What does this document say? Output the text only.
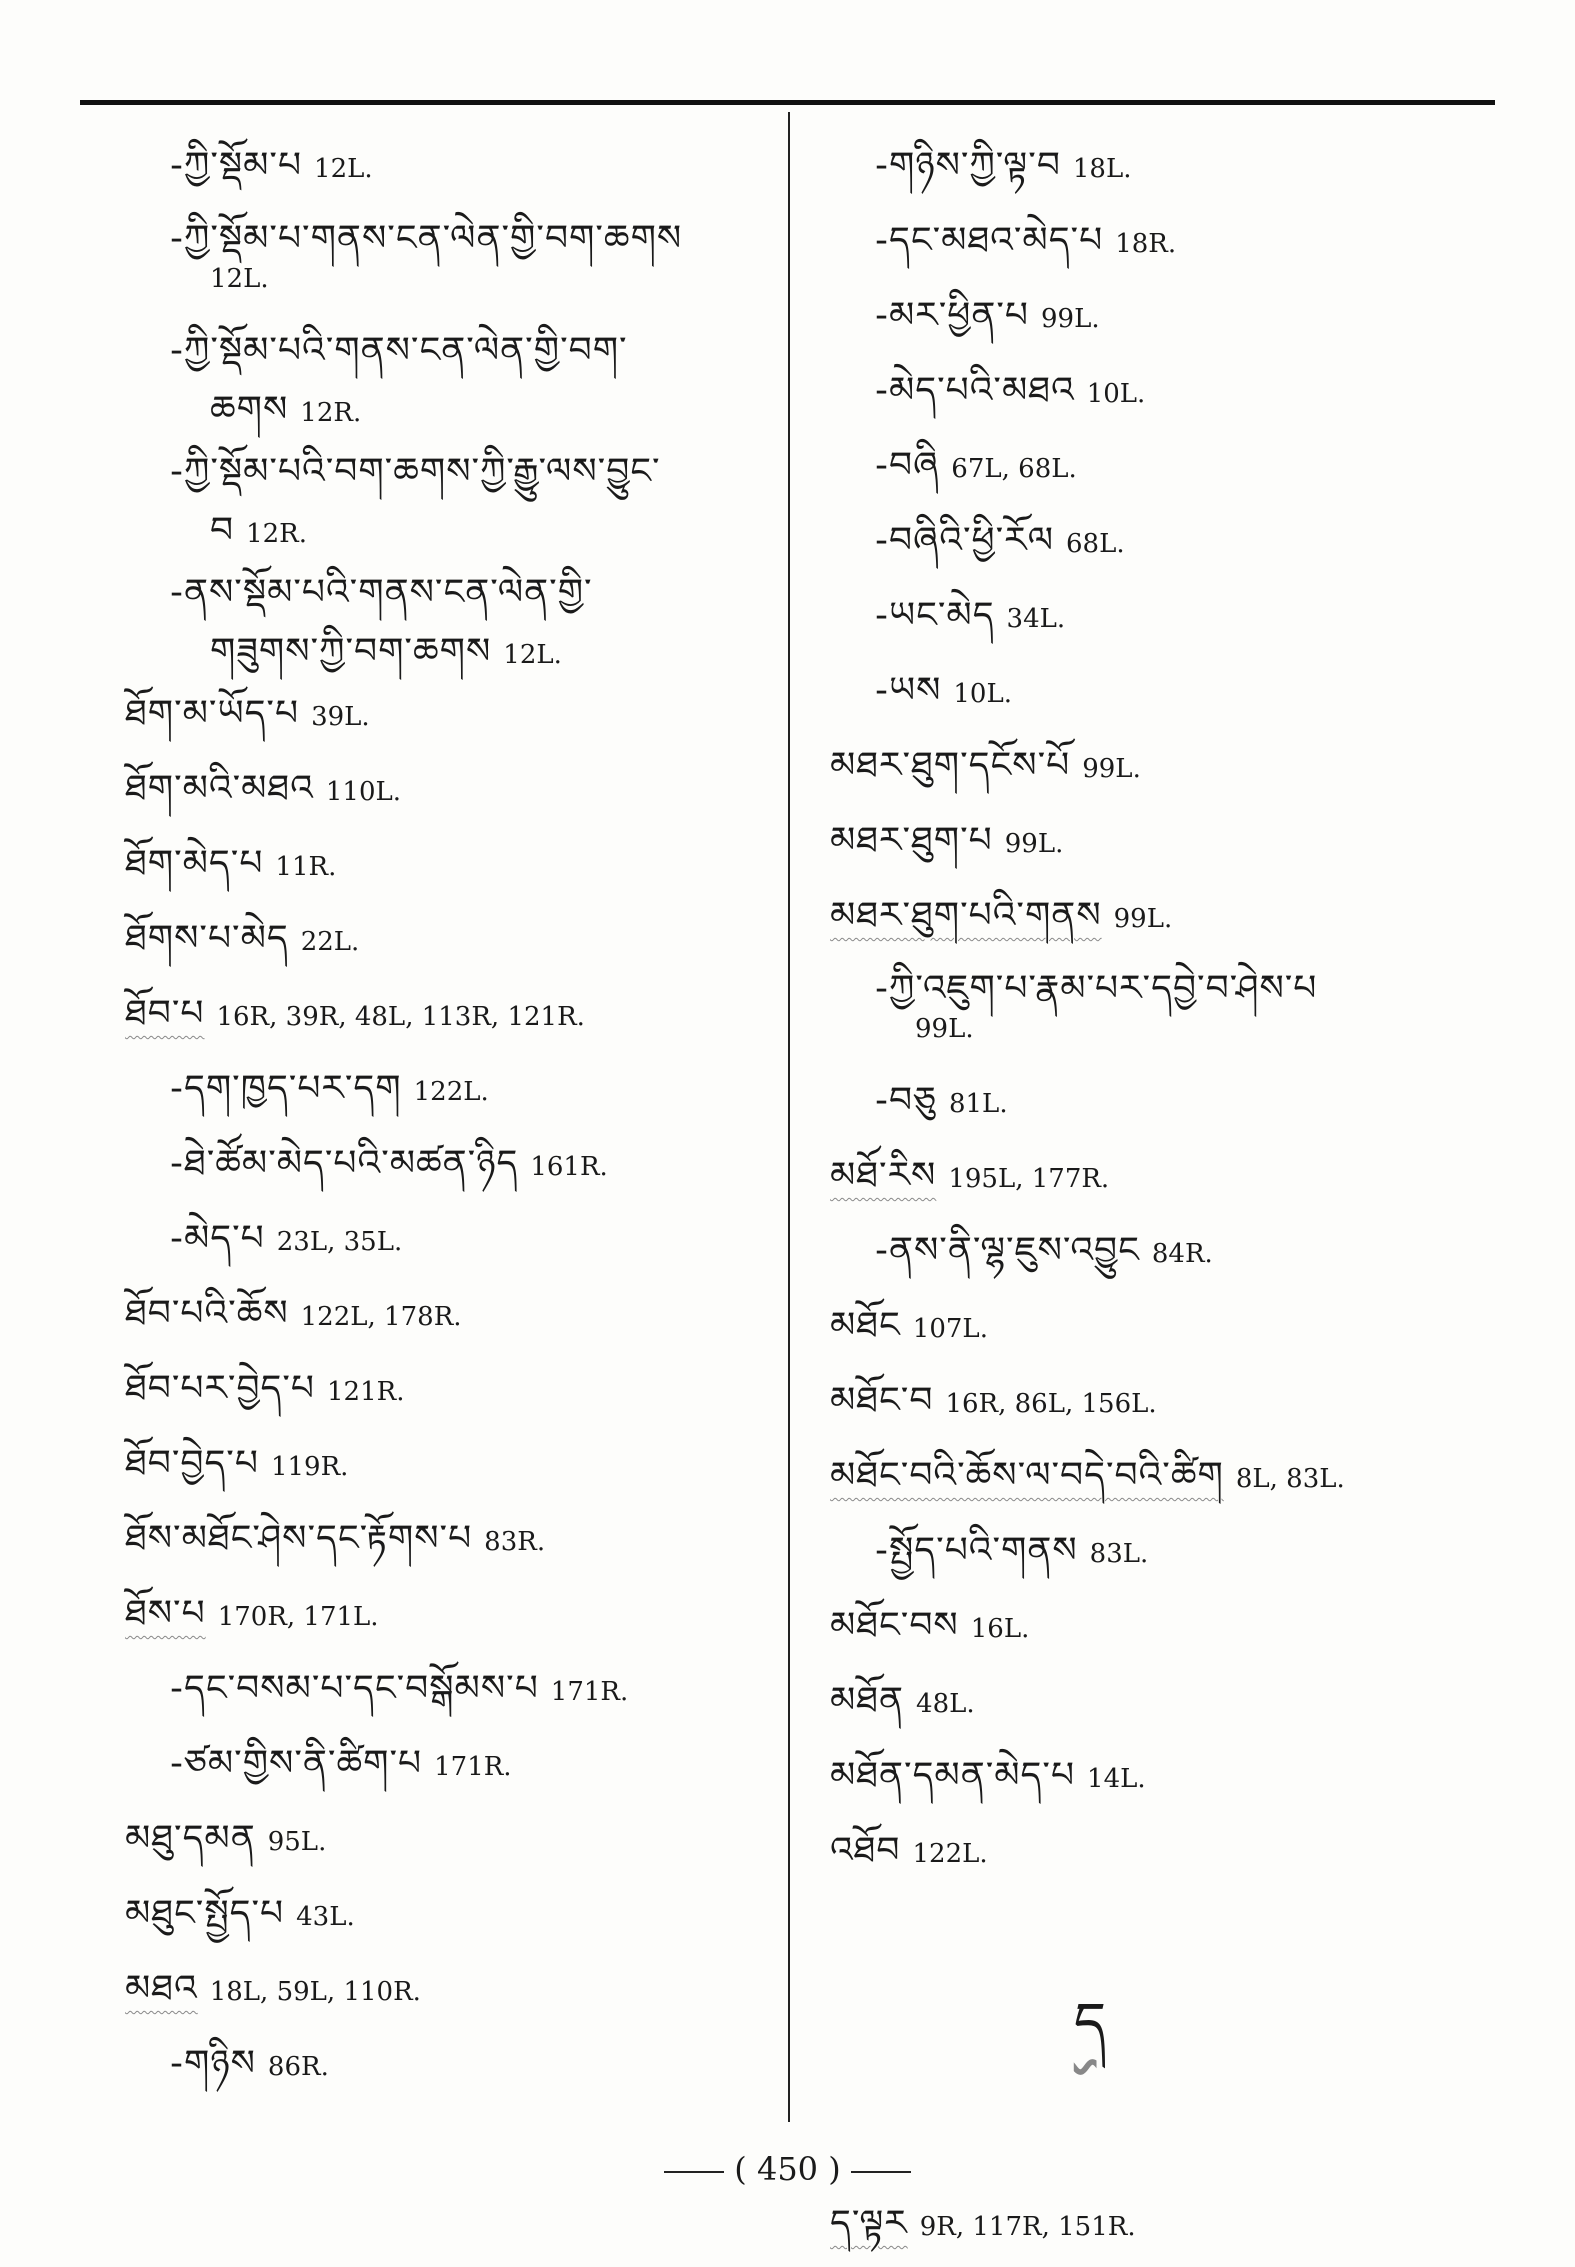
-ཀྱི་སྡོམ་པ 12L.
-ཀྱི་སྡོམ་པ་གནས་ངན་ལེན་གྱི་བག་ཆགས
12L.
-ཀྱི་སྡོམ་པའི་གནས་ངན་ལེན་གྱི་བག་
ཆགས 12R.
-ཀྱི་སྡོམ་པའི་བག་ཆགས་ཀྱི་རྒྱུ་ལས་བྱུང་
བ 12R.
-ནས་སྡོམ་པའི་གནས་ངན་ལེན་གྱི་
གཟུགས་ཀྱི་བག་ཆགས 12L.
ཐོག་མ་ཡོད་པ 39L.
ཐོག་མའི་མཐའ 110L.
ཐོག་མེད་པ 11R.
ཐོགས་པ་མེད 22L.
ཐོབ་པ 16R, 39R, 48L, 113R, 121R.
-དག་ཁྱད་པར་དག 122L.
-ཐེ་ཚོམ་མེད་པའི་མཚན་ཉིད 161R.
-མེད་པ 23L, 35L.
ཐོབ་པའི་ཆོས 122L, 178R.
ཐོབ་པར་བྱེད་པ 121R.
ཐོབ་བྱེད་པ 119R.
ཐོས་མཐོང་ཤེས་དང་རྟོགས་པ 83R.
ཐོས་པ 170R, 171L.
-དང་བསམ་པ་དང་བསྒོམས་པ 171R.
-ཙམ་གྱིས་ནི་ཚིག་པ 171R.
མཐུ་དམན 95L.
མཐུང་སྤྱོད་པ 43L.
མཐའ 18L, 59L, 110R.
-གཉིས 86R.
-གཉིས་ཀྱི་ལྟ་བ 18L.
-དང་མཐའ་མེད་པ 18R.
-མར་ཕྱིན་པ 99L.
-མེད་པའི་མཐའ 10L.
-བཞི 67L, 68L.
-བཞིའི་ཕྱི་རོལ 68L.
-ཡང་མེད 34L.
-ཡས 10L.
མཐར་ཐུག་དངོས་པོ 99L.
མཐར་ཐུག་པ 99L.
མཐར་ཐུག་པའི་གནས 99L.
-ཀྱི་འཇུག་པ་རྣམ་པར་དབྱེ་བ་ཤེས་པ
99L.
-བཅུ 81L.
མཐོ་རིས 195L, 177R.
-ནས་ནི་ལྷ་ཇུས་འབྱུང 84R.
མཐོང 107L.
མཐོང་བ 16R, 86L, 156L.
མཐོང་བའི་ཆོས་ལ་བདེ་བའི་ཚིག 8L, 83L.
-སྤྱོད་པའི་གནས 83L.
མཐོང་བས 16L.
མཐོན 48L.
མཐོན་དམན་མེད་པ 14L.
འཐོབ 122L.
ད
ད་ལྟར 9R, 117R, 151R.
( 450 )
